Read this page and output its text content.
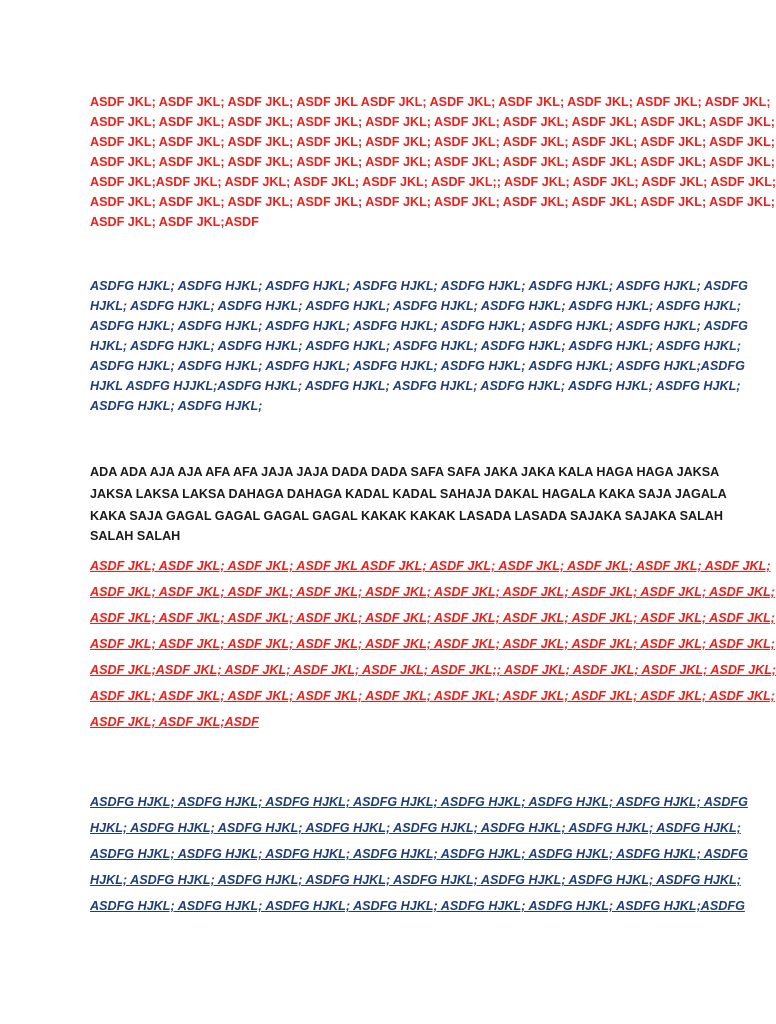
ASDF JKL; ASDF JKL; ASDF JKL; ASDF JKL ASDF JKL; ASDF JKL; ASDF JKL; ASDF JKL; ASDF JKL; ASDF JKL;
ASDF JKL; ASDF JKL; ASDF JKL; ASDF JKL; ASDF JKL; ASDF JKL; ASDF JKL; ASDF JKL; ASDF JKL; ASDF JKL;
ASDF JKL; ASDF JKL; ASDF JKL; ASDF JKL; ASDF JKL; ASDF JKL; ASDF JKL; ASDF JKL; ASDF JKL; ASDF JKL;
ASDF JKL; ASDF JKL; ASDF JKL; ASDF JKL; ASDF JKL; ASDF JKL; ASDF JKL; ASDF JKL; ASDF JKL; ASDF JKL;
ASDF JKL;ASDF JKL; ASDF JKL; ASDF JKL; ASDF JKL; ASDF JKL;; ASDF JKL; ASDF JKL; ASDF JKL; ASDF JKL;
ASDF JKL; ASDF JKL; ASDF JKL; ASDF JKL; ASDF JKL; ASDF JKL; ASDF JKL; ASDF JKL; ASDF JKL; ASDF JKL;
ASDF JKL; ASDF JKL;ASDF
ASDFG HJKL; ASDFG HJKL; ASDFG HJKL; ASDFG HJKL; ASDFG HJKL; ASDFG HJKL; ASDFG HJKL; ASDFG
HJKL; ASDFG HJKL; ASDFG HJKL; ASDFG HJKL; ASDFG HJKL; ASDFG HJKL; ASDFG HJKL; ASDFG HJKL;
ASDFG HJKL; ASDFG HJKL; ASDFG HJKL; ASDFG HJKL; ASDFG HJKL; ASDFG HJKL; ASDFG HJKL; ASDFG
HJKL; ASDFG HJKL; ASDFG HJKL; ASDFG HJKL; ASDFG HJKL; ASDFG HJKL; ASDFG HJKL; ASDFG HJKL;
ASDFG HJKL; ASDFG HJKL; ASDFG HJKL; ASDFG HJKL; ASDFG HJKL; ASDFG HJKL; ASDFG HJKL;ASDFG
HJKL ASDFG HJJKL;ASDFG HJKL; ASDFG HJKL; ASDFG HJKL; ASDFG HJKL; ASDFG HJKL; ASDFG HJKL;
ASDFG HJKL; ASDFG HJKL;
ADA ADA AJA AJA AFA AFA JAJA JAJA DADA DADA SAFA SAFA JAKA JAKA KALA HAGA HAGA JAKSA
JAKSA LAKSA LAKSA DAHAGA DAHAGA KADAL KADAL SAHAJA DAKAL HAGALA KAKA SAJA JAGALA
KAKA SAJA GAGAL GAGAL GAGAL GAGAL KAKAK KAKAK LASADA LASADA SAJAKA SAJAKA SALAH
SALAH SALAH
ASDF JKL; ASDF JKL; ASDF JKL; ASDF JKL ASDF JKL; ASDF JKL; ASDF JKL; ASDF JKL; ASDF JKL; ASDF JKL;
ASDF JKL; ASDF JKL; ASDF JKL; ASDF JKL; ASDF JKL; ASDF JKL; ASDF JKL; ASDF JKL; ASDF JKL; ASDF JKL;
ASDF JKL; ASDF JKL; ASDF JKL; ASDF JKL; ASDF JKL; ASDF JKL; ASDF JKL; ASDF JKL; ASDF JKL; ASDF JKL;
ASDF JKL; ASDF JKL; ASDF JKL; ASDF JKL; ASDF JKL; ASDF JKL; ASDF JKL; ASDF JKL; ASDF JKL; ASDF JKL;
ASDF JKL;ASDF JKL; ASDF JKL; ASDF JKL; ASDF JKL; ASDF JKL;; ASDF JKL; ASDF JKL; ASDF JKL; ASDF JKL;
ASDF JKL; ASDF JKL; ASDF JKL; ASDF JKL; ASDF JKL; ASDF JKL; ASDF JKL; ASDF JKL; ASDF JKL; ASDF JKL;
ASDF JKL; ASDF JKL;ASDF
ASDFG HJKL; ASDFG HJKL; ASDFG HJKL; ASDFG HJKL; ASDFG HJKL; ASDFG HJKL; ASDFG HJKL; ASDFG
HJKL; ASDFG HJKL; ASDFG HJKL; ASDFG HJKL; ASDFG HJKL; ASDFG HJKL; ASDFG HJKL; ASDFG HJKL;
ASDFG HJKL; ASDFG HJKL; ASDFG HJKL; ASDFG HJKL; ASDFG HJKL; ASDFG HJKL; ASDFG HJKL; ASDFG
HJKL; ASDFG HJKL; ASDFG HJKL; ASDFG HJKL; ASDFG HJKL; ASDFG HJKL; ASDFG HJKL; ASDFG HJKL;
ASDFG HJKL; ASDFG HJKL; ASDFG HJKL; ASDFG HJKL; ASDFG HJKL; ASDFG HJKL; ASDFG HJKL;ASDFG
